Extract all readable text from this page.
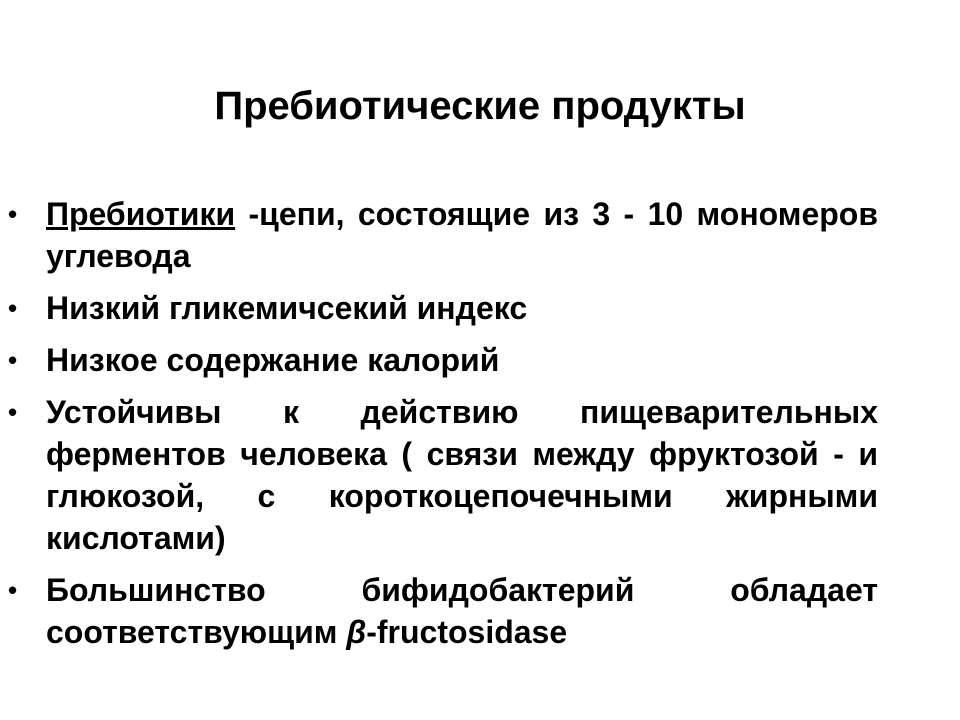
Пребиотические продукты
• Пребиотики -цепи, состоящие из 3 - 10 мономеров углевода
• Низкий гликемичсекий индекс
• Низкое содержание калорий
• Устойчивы к действию пищеварительных ферментов человека ( связи между фруктозой - и глюкозой, с короткоцепочечными жирными кислотами)
• Большинство бифидобактерий обладает соответствующим β-fructosidase
